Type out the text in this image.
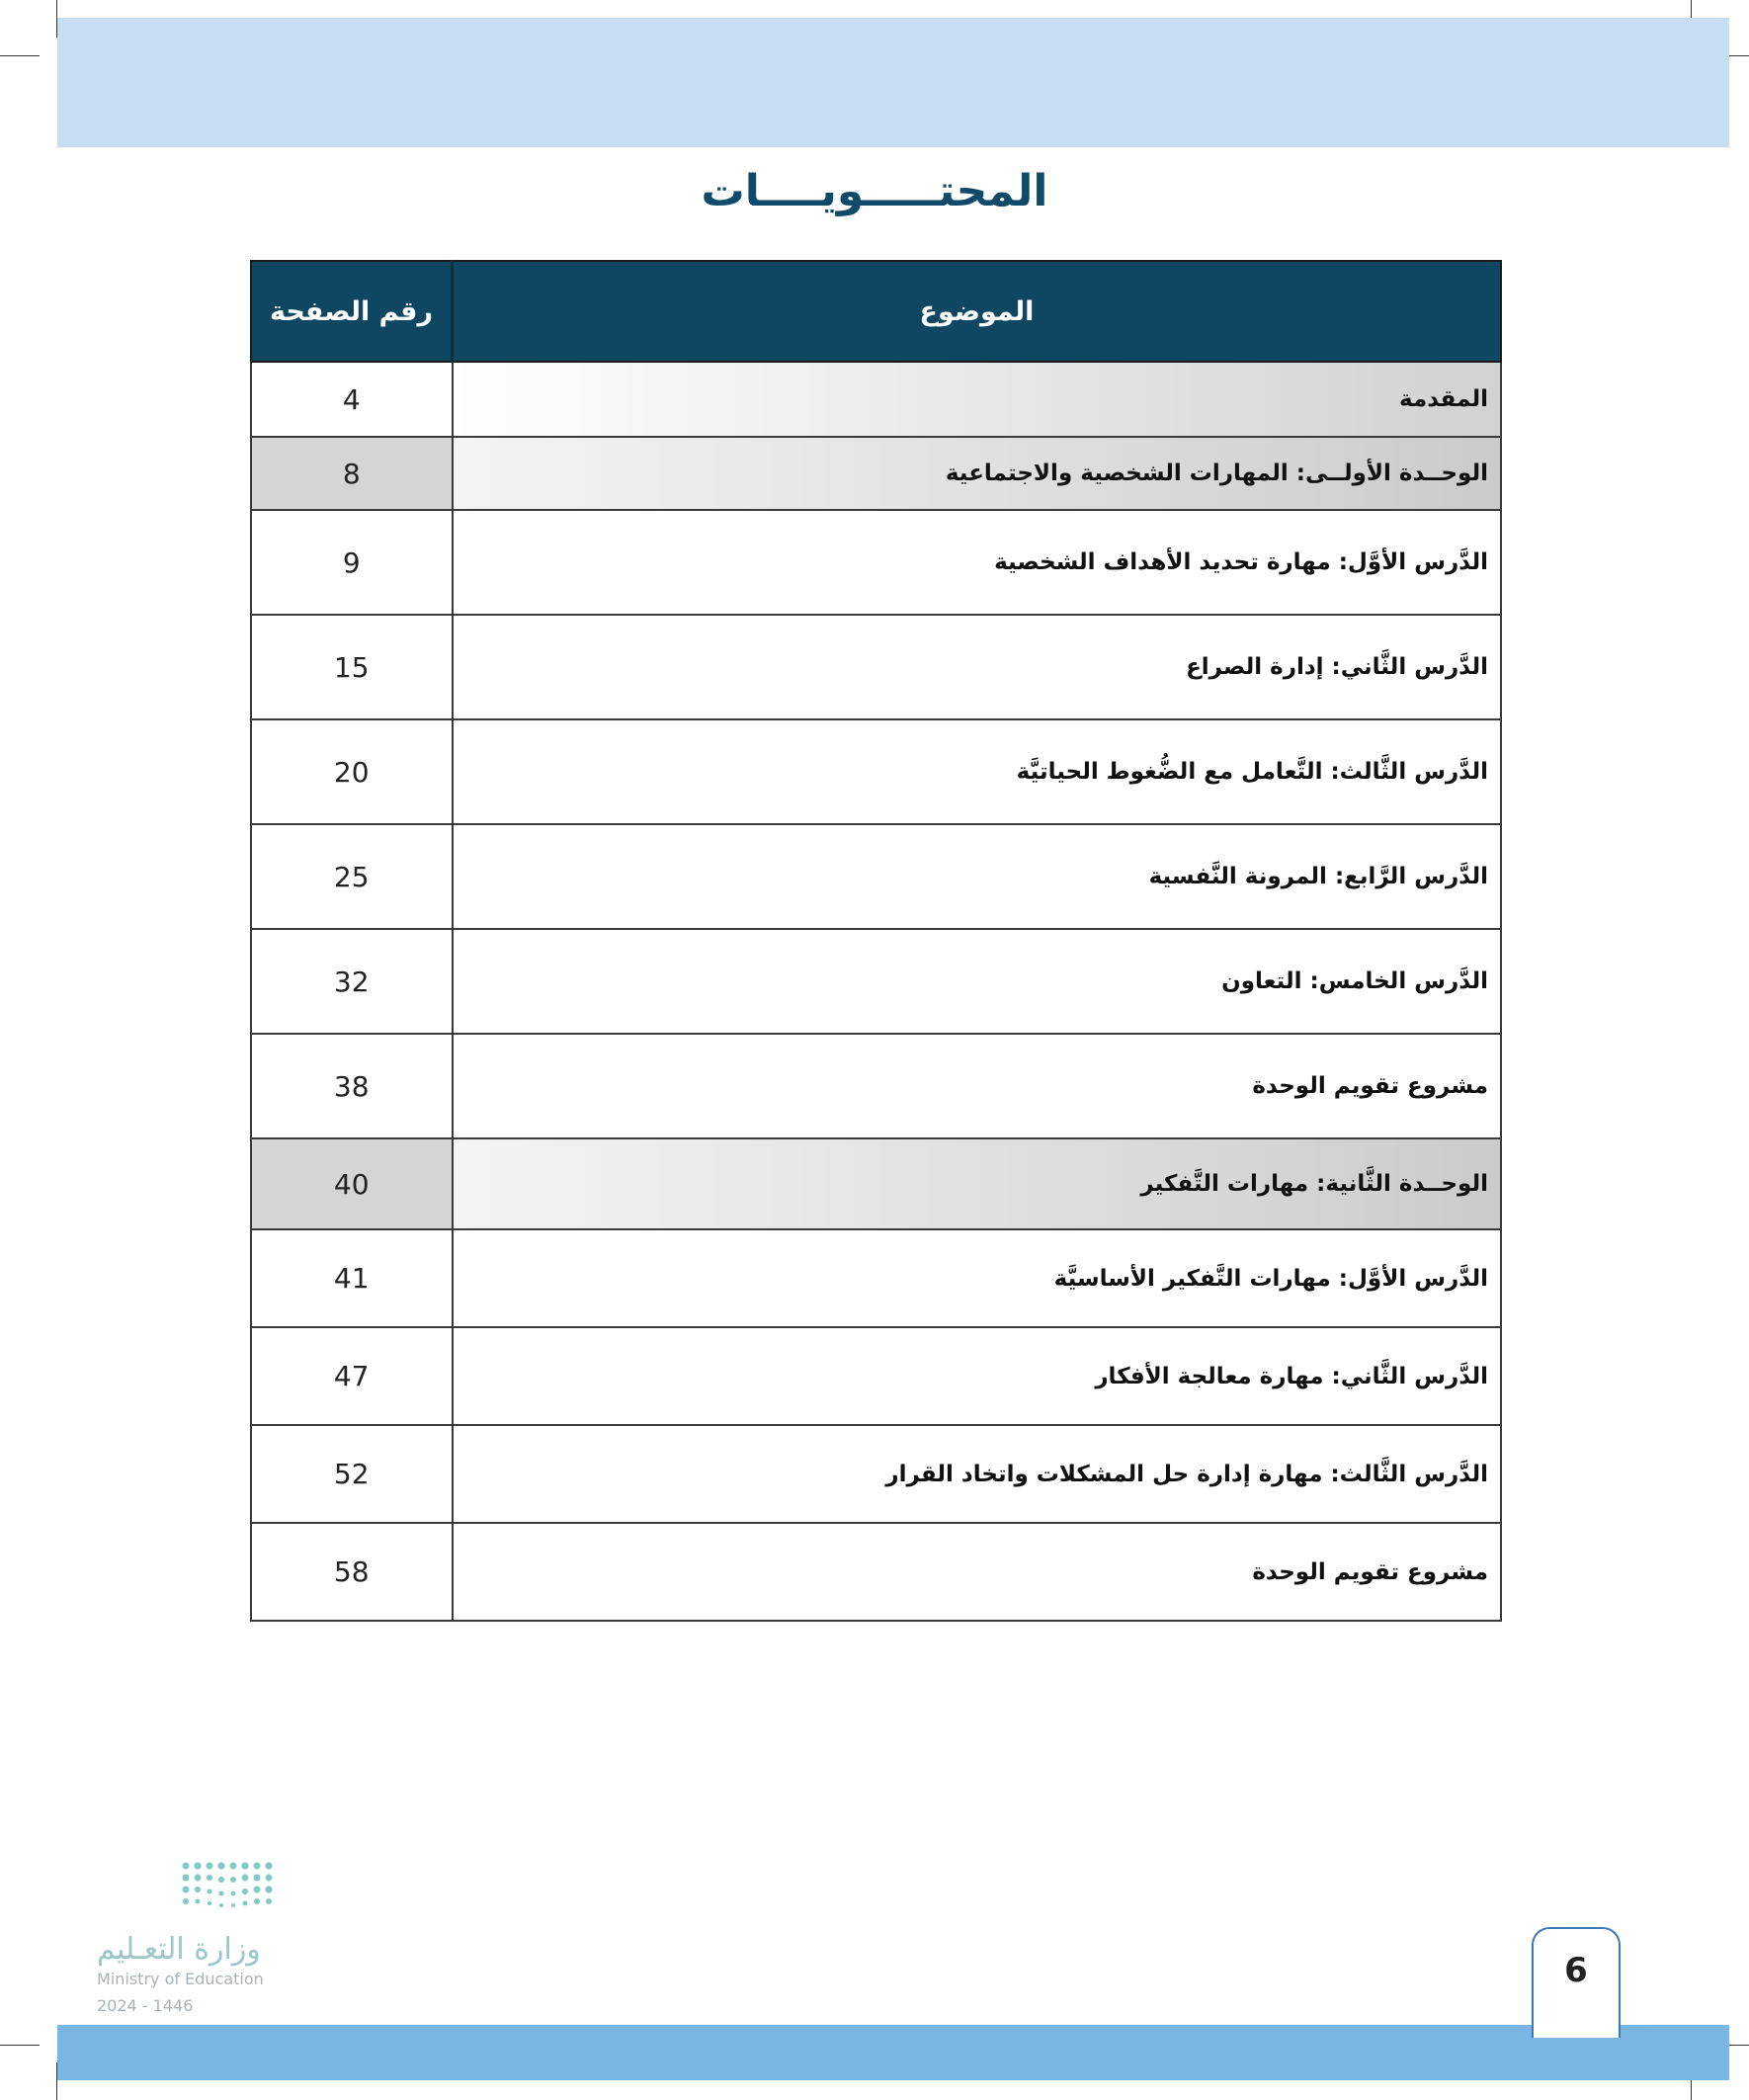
المحتـــــويــــات
الموضوع	رقم الصفحة
المقدمة	4
الوحــدة الأولــى: المهارات الشخصية والاجتماعية	8
الدَّرس الأوَّل: مهارة تحديد الأهداف الشخصية	9
الدَّرس الثَّاني: إدارة الصراع	15
الدَّرس الثَّالث: التَّعامل مع الضُّغوط الحياتيَّة	20
الدَّرس الرَّابع: المرونة النَّفسية	25
الدَّرس الخامس: التعاون	32
مشروع تقويم الوحدة	38
الوحــدة الثَّانية: مهارات التَّفكير	40
الدَّرس الأوَّل: مهارات التَّفكير الأساسيَّة	41
الدَّرس الثَّاني: مهارة معالجة الأفكار	47
الدَّرس الثَّالث: مهارة إدارة حل المشكلات واتخاد القرار	52
مشروع تقويم الوحدة	58
وزارة التعـليم
Ministry of Education
2024 - 1446
6
